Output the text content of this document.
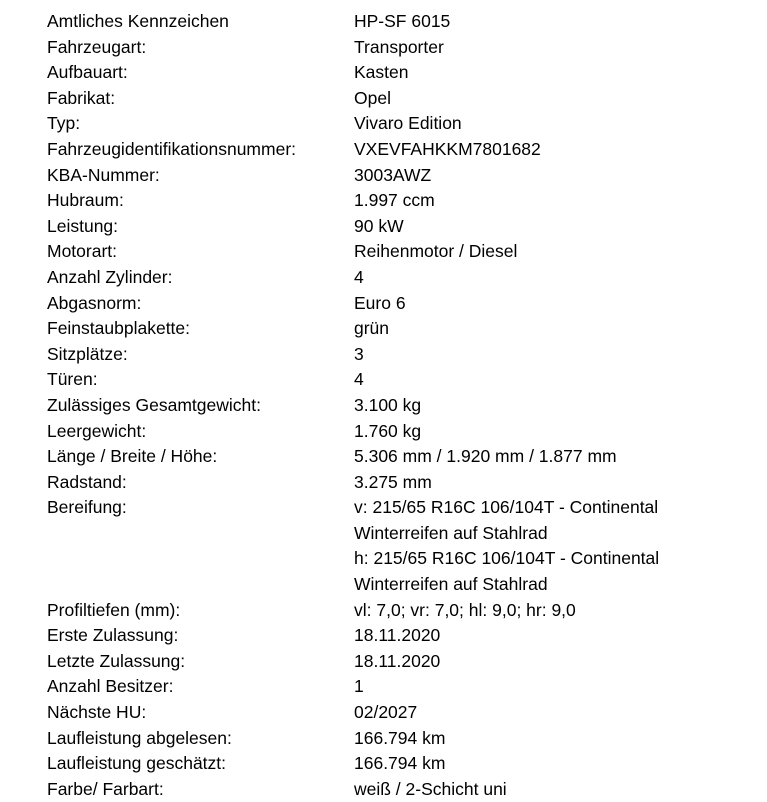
Amtliches Kennzeichen	HP-SF 6015
Fahrzeugart:	Transporter
Aufbauart:	Kasten
Fabrikat:	Opel
Typ:	Vivaro Edition
Fahrzeugidentifikationsnummer:	VXEVFAHKKM7801682
KBA-Nummer:	3003AWZ
Hubraum:	1.997 ccm
Leistung:	90 kW
Motorart:	Reihenmotor / Diesel
Anzahl Zylinder:	4
Abgasnorm:	Euro 6
Feinstaubplakette:	grün
Sitzplätze:	3
Türen:	4
Zulässiges Gesamtgewicht:	3.100 kg
Leergewicht:	1.760 kg
Länge / Breite / Höhe:	5.306 mm / 1.920 mm / 1.877 mm
Radstand:	3.275 mm
Bereifung:	v: 215/65 R16C 106/104T - Continental
Winterreifen auf Stahlrad
h: 215/65 R16C 106/104T - Continental
Winterreifen auf Stahlrad
Profiltiefen (mm):	vl: 7,0; vr: 7,0; hl: 9,0; hr: 9,0
Erste Zulassung:	18.11.2020
Letzte Zulassung:	18.11.2020
Anzahl Besitzer:	1
Nächste HU:	02/2027
Laufleistung abgelesen:	166.794 km
Laufleistung geschätzt:	166.794 km
Farbe/ Farbart:	weiß / 2-Schicht uni
